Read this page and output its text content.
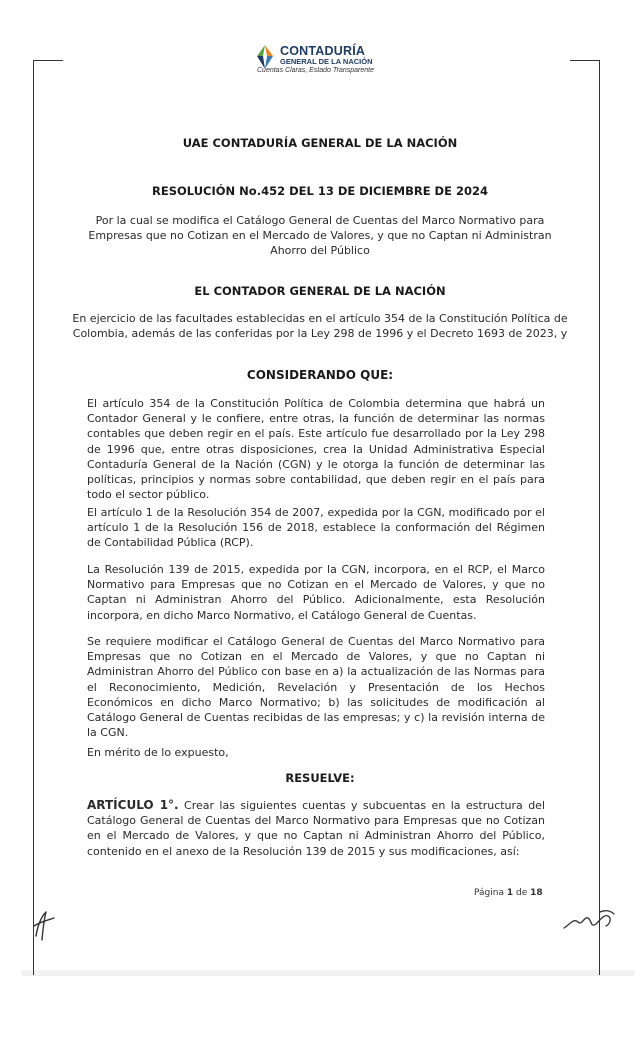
CONTADURÍA
GENERAL DE LA NACIÓN
Cuentas Claras, Estado Transparente
UAE CONTADURÍA GENERAL DE LA NACIÓN
RESOLUCIÓN No.452 DEL 13 DE DICIEMBRE DE 2024
Por la cual se modifica el Catálogo General de Cuentas del Marco Normativo para Empresas que no Cotizan en el Mercado de Valores, y que no Captan ni Administran Ahorro del Público
EL CONTADOR GENERAL DE LA NACIÓN
En ejercicio de las facultades establecidas en el artículo 354 de la Constitución Política de Colombia, además de las conferidas por la Ley 298 de 1996 y el Decreto 1693 de 2023, y
CONSIDERANDO QUE:
El artículo 354 de la Constitución Política de Colombia determina que habrá un Contador General y le confiere, entre otras, la función de determinar las normas contables que deben regir en el país. Este artículo fue desarrollado por la Ley 298 de 1996 que, entre otras disposiciones, crea la Unidad Administrativa Especial Contaduría General de la Nación (CGN) y le otorga la función de determinar las políticas, principios y normas sobre contabilidad, que deben regir en el país para todo el sector público.
El artículo 1 de la Resolución 354 de 2007, expedida por la CGN, modificado por el artículo 1 de la Resolución 156 de 2018, establece la conformación del Régimen de Contabilidad Pública (RCP).
La Resolución 139 de 2015, expedida por la CGN, incorpora, en el RCP, el Marco Normativo para Empresas que no Cotizan en el Mercado de Valores, y que no Captan ni Administran Ahorro del Público. Adicionalmente, esta Resolución incorpora, en dicho Marco Normativo, el Catálogo General de Cuentas.
Se requiere modificar el Catálogo General de Cuentas del Marco Normativo para Empresas que no Cotizan en el Mercado de Valores, y que no Captan ni Administran Ahorro del Público con base en a) la actualización de las Normas para el Reconocimiento, Medición, Revelación y Presentación de los Hechos Económicos en dicho Marco Normativo; b) las solicitudes de modificación al Catálogo General de Cuentas recibidas de las empresas; y c) la revisión interna de la CGN.
En mérito de lo expuesto,
RESUELVE:
ARTÍCULO 1°. Crear las siguientes cuentas y subcuentas en la estructura del Catálogo General de Cuentas del Marco Normativo para Empresas que no Cotizan en el Mercado de Valores, y que no Captan ni Administran Ahorro del Público, contenido en el anexo de la Resolución 139 de 2015 y sus modificaciones, así:
Página 1 de 18
